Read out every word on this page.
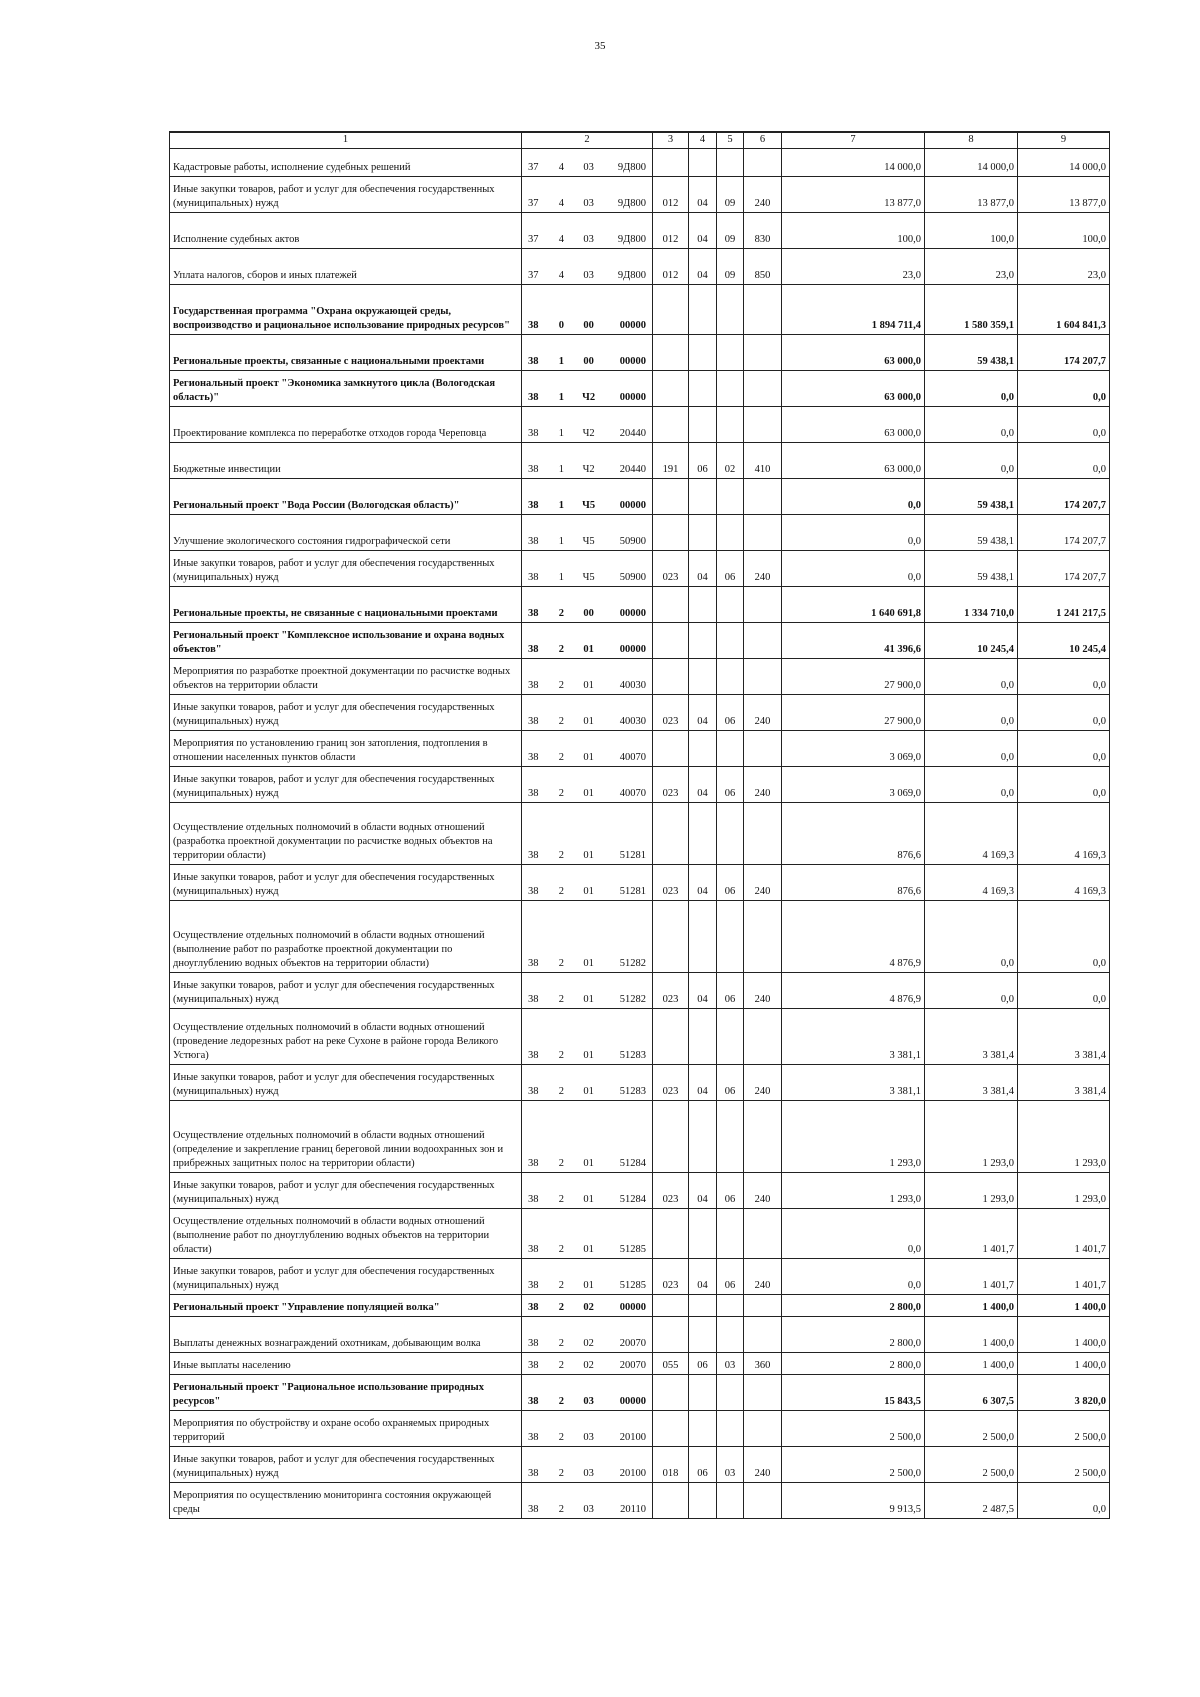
35
1	2	3	4	5	6	7	8	9
Кадастровые работы, исполнение судебных решений	37 4 03 9Д800					14 000,0	14 000,0	14 000,0
Иные закупки товаров, работ и услуг для обеспечения государственных (муниципальных) нужд	37 4 03 9Д800	012	04	09	240	13 877,0	13 877,0	13 877,0
Исполнение судебных актов	37 4 03 9Д800	012	04	09	830	100,0	100,0	100,0
Уплата налогов, сборов и иных платежей	37 4 03 9Д800	012	04	09	850	23,0	23,0	23,0
Государственная программа "Охрана окружающей среды, воспроизводство и рациональное использование природных ресурсов"	38 0 00 00000					1 894 711,4	1 580 359,1	1 604 841,3
Региональные проекты, связанные с национальными проектами	38 1 00 00000					63 000,0	59 438,1	174 207,7
Региональный проект "Экономика замкнутого цикла (Вологодская область)"	38 1 Ч2 00000					63 000,0	0,0	0,0
Проектирование комплекса по переработке отходов города Череповца	38 1 Ч2 20440					63 000,0	0,0	0,0
Бюджетные инвестиции	38 1 Ч2 20440	191	06	02	410	63 000,0	0,0	0,0
Региональный проект "Вода России (Вологодская область)"	38 1 Ч5 00000					0,0	59 438,1	174 207,7
Улучшение экологического состояния гидрографической сети	38 1 Ч5 50900					0,0	59 438,1	174 207,7
Иные закупки товаров, работ и услуг для обеспечения государственных (муниципальных) нужд	38 1 Ч5 50900	023	04	06	240	0,0	59 438,1	174 207,7
Региональные проекты, не связанные с национальными проектами	38 2 00 00000					1 640 691,8	1 334 710,0	1 241 217,5
Региональный проект "Комплексное использование и охрана водных объектов"	38 2 01 00000					41 396,6	10 245,4	10 245,4
Мероприятия по разработке проектной документации по расчистке водных объектов на территории области	38 2 01 40030					27 900,0	0,0	0,0
Иные закупки товаров, работ и услуг для обеспечения государственных (муниципальных) нужд	38 2 01 40030	023	04	06	240	27 900,0	0,0	0,0
Мероприятия по установлению границ зон затопления, подтопления в отношении населенных пунктов области	38 2 01 40070					3 069,0	0,0	0,0
Иные закупки товаров, работ и услуг для обеспечения государственных (муниципальных) нужд	38 2 01 40070	023	04	06	240	3 069,0	0,0	0,0
Осуществление отдельных полномочий в области водных отношений (разработка проектной документации по расчистке водных объектов на территории области)	38 2 01 51281					876,6	4 169,3	4 169,3
Иные закупки товаров, работ и услуг для обеспечения государственных (муниципальных) нужд	38 2 01 51281	023	04	06	240	876,6	4 169,3	4 169,3
Осуществление отдельных полномочий в области водных отношений (выполнение работ по разработке проектной документации по дноуглублению водных объектов на территории области)	38 2 01 51282					4 876,9	0,0	0,0
Иные закупки товаров, работ и услуг для обеспечения государственных (муниципальных) нужд	38 2 01 51282	023	04	06	240	4 876,9	0,0	0,0
Осуществление отдельных полномочий в области водных отношений (проведение ледорезных работ на реке Сухоне в районе города Великого Устюга)	38 2 01 51283					3 381,1	3 381,4	3 381,4
Иные закупки товаров, работ и услуг для обеспечения государственных (муниципальных) нужд	38 2 01 51283	023	04	06	240	3 381,1	3 381,4	3 381,4
Осуществление отдельных полномочий в области водных отношений (определение и закрепление границ береговой линии водоохранных зон и прибрежных защитных полос на территории области)	38 2 01 51284					1 293,0	1 293,0	1 293,0
Иные закупки товаров, работ и услуг для обеспечения государственных (муниципальных) нужд	38 2 01 51284	023	04	06	240	1 293,0	1 293,0	1 293,0
Осуществление отдельных полномочий в области водных отношений (выполнение работ по дноуглублению водных объектов на территории области)	38 2 01 51285					0,0	1 401,7	1 401,7
Иные закупки товаров, работ и услуг для обеспечения государственных (муниципальных) нужд	38 2 01 51285	023	04	06	240	0,0	1 401,7	1 401,7
Региональный проект "Управление популяцией волка"	38 2 02 00000					2 800,0	1 400,0	1 400,0
Выплаты денежных вознаграждений охотникам, добывающим волка	38 2 02 20070					2 800,0	1 400,0	1 400,0
Иные выплаты населению	38 2 02 20070	055	06	03	360	2 800,0	1 400,0	1 400,0
Региональный проект "Рациональное использование природных ресурсов"	38 2 03 00000					15 843,5	6 307,5	3 820,0
Мероприятия по обустройству и охране особо охраняемых природных территорий	38 2 03 20100					2 500,0	2 500,0	2 500,0
Иные закупки товаров, работ и услуг для обеспечения государственных (муниципальных) нужд	38 2 03 20100	018	06	03	240	2 500,0	2 500,0	2 500,0
Мероприятия по осуществлению мониторинга состояния окружающей среды	38 2 03 20110					9 913,5	2 487,5	0,0
